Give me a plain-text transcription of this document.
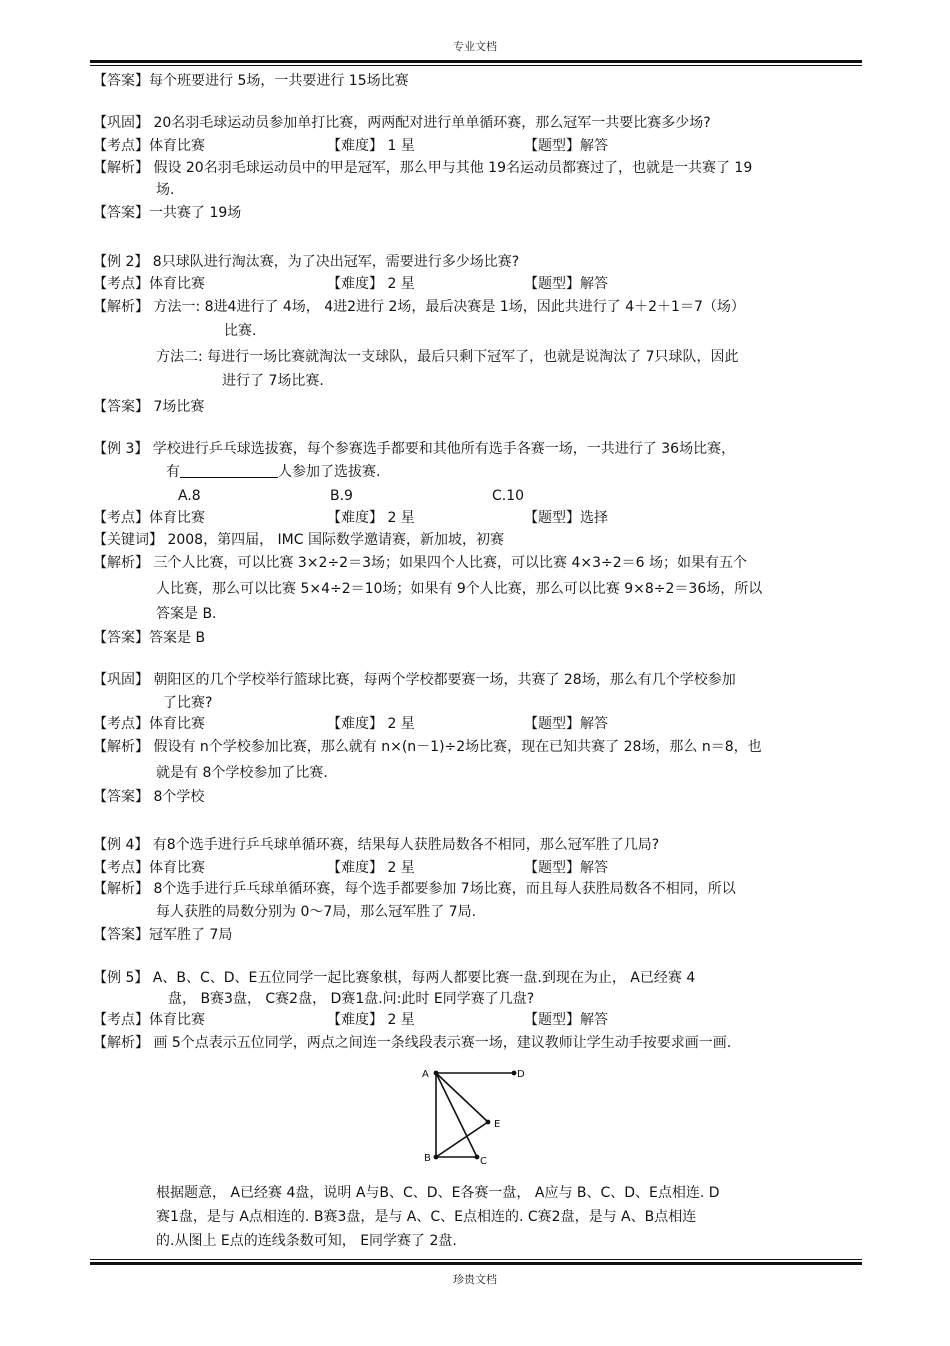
专业文档
【答案】每个班要进行 5场，一共要进行 15场比赛
【巩固】 20名羽毛球运动员参加单打比赛，两两配对进行单单循环赛，那么冠军一共要比赛多少场?
【考点】体育比赛	【难度】 1 星	【题型】解答
【解析】 假设 20名羽毛球运动员中的甲是冠军，那么甲与其他 19名运动员都赛过了，也就是一共赛了 19
场.
【答案】一共赛了 19场
【例 2】 8只球队进行淘汰赛，为了决出冠军，需要进行多少场比赛?
【考点】体育比赛	【难度】 2 星	【题型】解答
【解析】 方法一: 8进4进行了 4场， 4进2进行 2场，最后决赛是 1场，因此共进行了 4＋2＋1＝7（场）
比赛.
方法二: 每进行一场比赛就淘汰一支球队，最后只剩下冠军了，也就是说淘汰了 7只球队，因此
进行了 7场比赛.
【答案】 7场比赛
【例 3】 学校进行乒乓球选拔赛，每个参赛选手都要和其他所有选手各赛一场，一共进行了 36场比赛，
有	人参加了选拔赛.
A.8	B.9	C.10
【考点】体育比赛	【难度】 2 星	【题型】选择
【关键词】 2008，第四届， IMC 国际数学邀请赛，新加坡，初赛
【解析】 三个人比赛，可以比赛 3×2÷2＝3场；如果四个人比赛，可以比赛 4×3÷2＝6 场；如果有五个
人比赛，那么可以比赛 5×4÷2＝10场；如果有 9个人比赛，那么可以比赛 9×8÷2＝36场，所以
答案是 B.
【答案】答案是 B
【巩固】 朝阳区的几个学校举行篮球比赛，每两个学校都要赛一场，共赛了 28场，那么有几个学校参加
了比赛?
【考点】体育比赛	【难度】 2 星	【题型】解答
【解析】 假设有 n个学校参加比赛，那么就有 n×(n－1)÷2场比赛，现在已知共赛了 28场，那么 n＝8，也
就是有 8个学校参加了比赛.
【答案】 8个学校
【例 4】 有8个选手进行乒乓球单循环赛，结果每人获胜局数各不相同，那么冠军胜了几局?
【考点】体育比赛	【难度】 2 星	【题型】解答
【解析】 8个选手进行乒乓球单循环赛，每个选手都要参加 7场比赛，而且每人获胜局数各不相同，所以
每人获胜的局数分别为 0～7局，那么冠军胜了 7局.
【答案】冠军胜了 7局
【例 5】 A、B、C、D、E五位同学一起比赛象棋，每两人都要比赛一盘.到现在为止， A已经赛 4
盘， B赛3盘， C赛2盘， D赛1盘.问:此时 E同学赛了几盘?
【考点】体育比赛	【难度】 2 星	【题型】解答
【解析】 画 5个点表示五位同学，两点之间连一条线段表示赛一场，建议教师让学生动手按要求画一画.
A	D
E
B	C
根据题意， A已经赛 4盘，说明 A与B、C、D、E各赛一盘， A应与 B、C、D、E点相连. D
赛1盘，是与 A点相连的. B赛3盘，是与 A、C、E点相连的. C赛2盘，是与 A、B点相连
的.从图上 E点的连线条数可知， E同学赛了 2盘.
珍贵文档
